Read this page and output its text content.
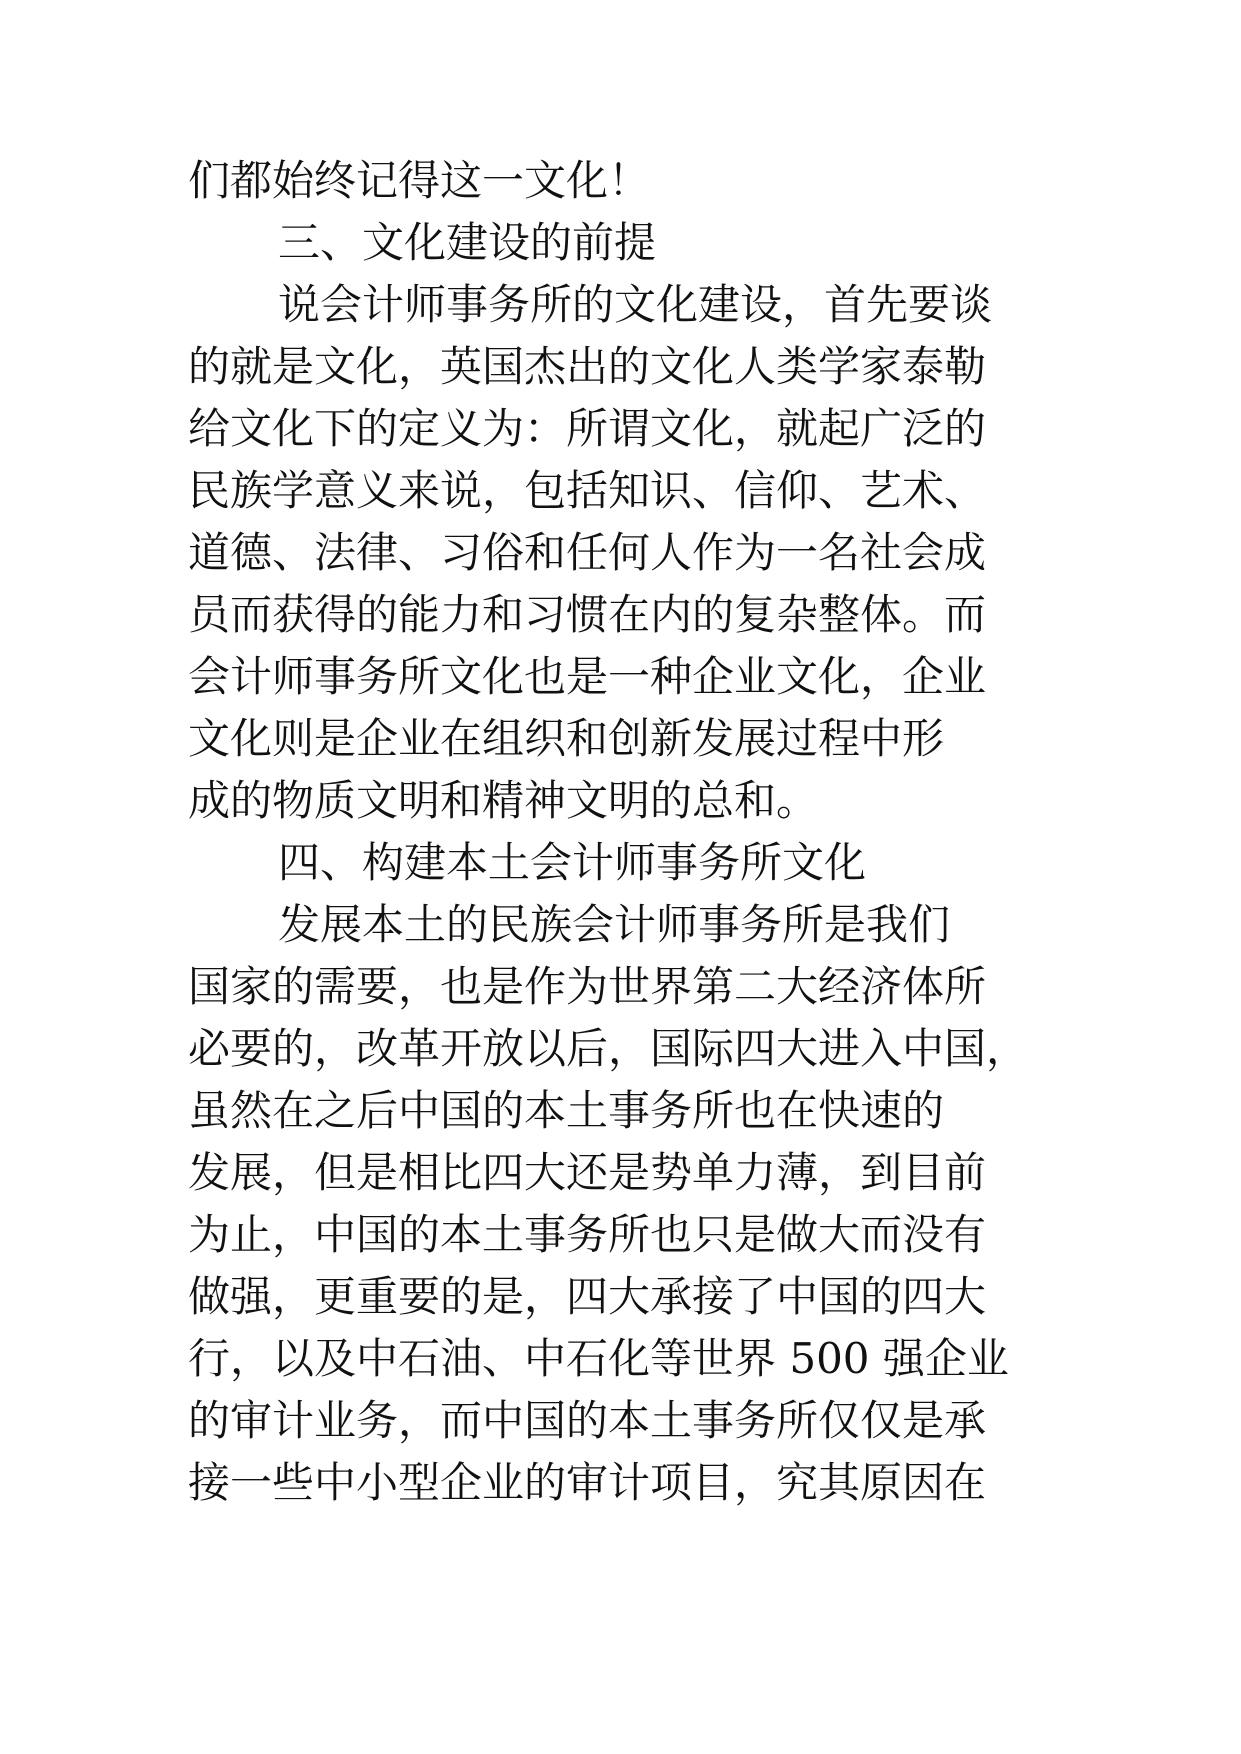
们都始终记得这一文化！
三、文化建设的前提
说会计师事务所的文化建设，首先要谈
的就是文化，英国杰出的文化人类学家泰勒
给文化下的定义为：所谓文化，就起广泛的
民族学意义来说，包括知识、信仰、艺术、
道德、法律、习俗和任何人作为一名社会成
员而获得的能力和习惯在内的复杂整体。而
会计师事务所文化也是一种企业文化，企业
文化则是企业在组织和创新发展过程中形
成的物质文明和精神文明的总和。
四、构建本土会计师事务所文化
发展本土的民族会计师事务所是我们
国家的需要，也是作为世界第二大经济体所
必要的，改革开放以后，国际四大进入中国，
虽然在之后中国的本土事务所也在快速的
发展，但是相比四大还是势单力薄，到目前
为止，中国的本土事务所也只是做大而没有
做强，更重要的是，四大承接了中国的四大
行，以及中石油、中石化等世界 500 强企业
的审计业务，而中国的本土事务所仅仅是承
接一些中小型企业的审计项目，究其原因在
